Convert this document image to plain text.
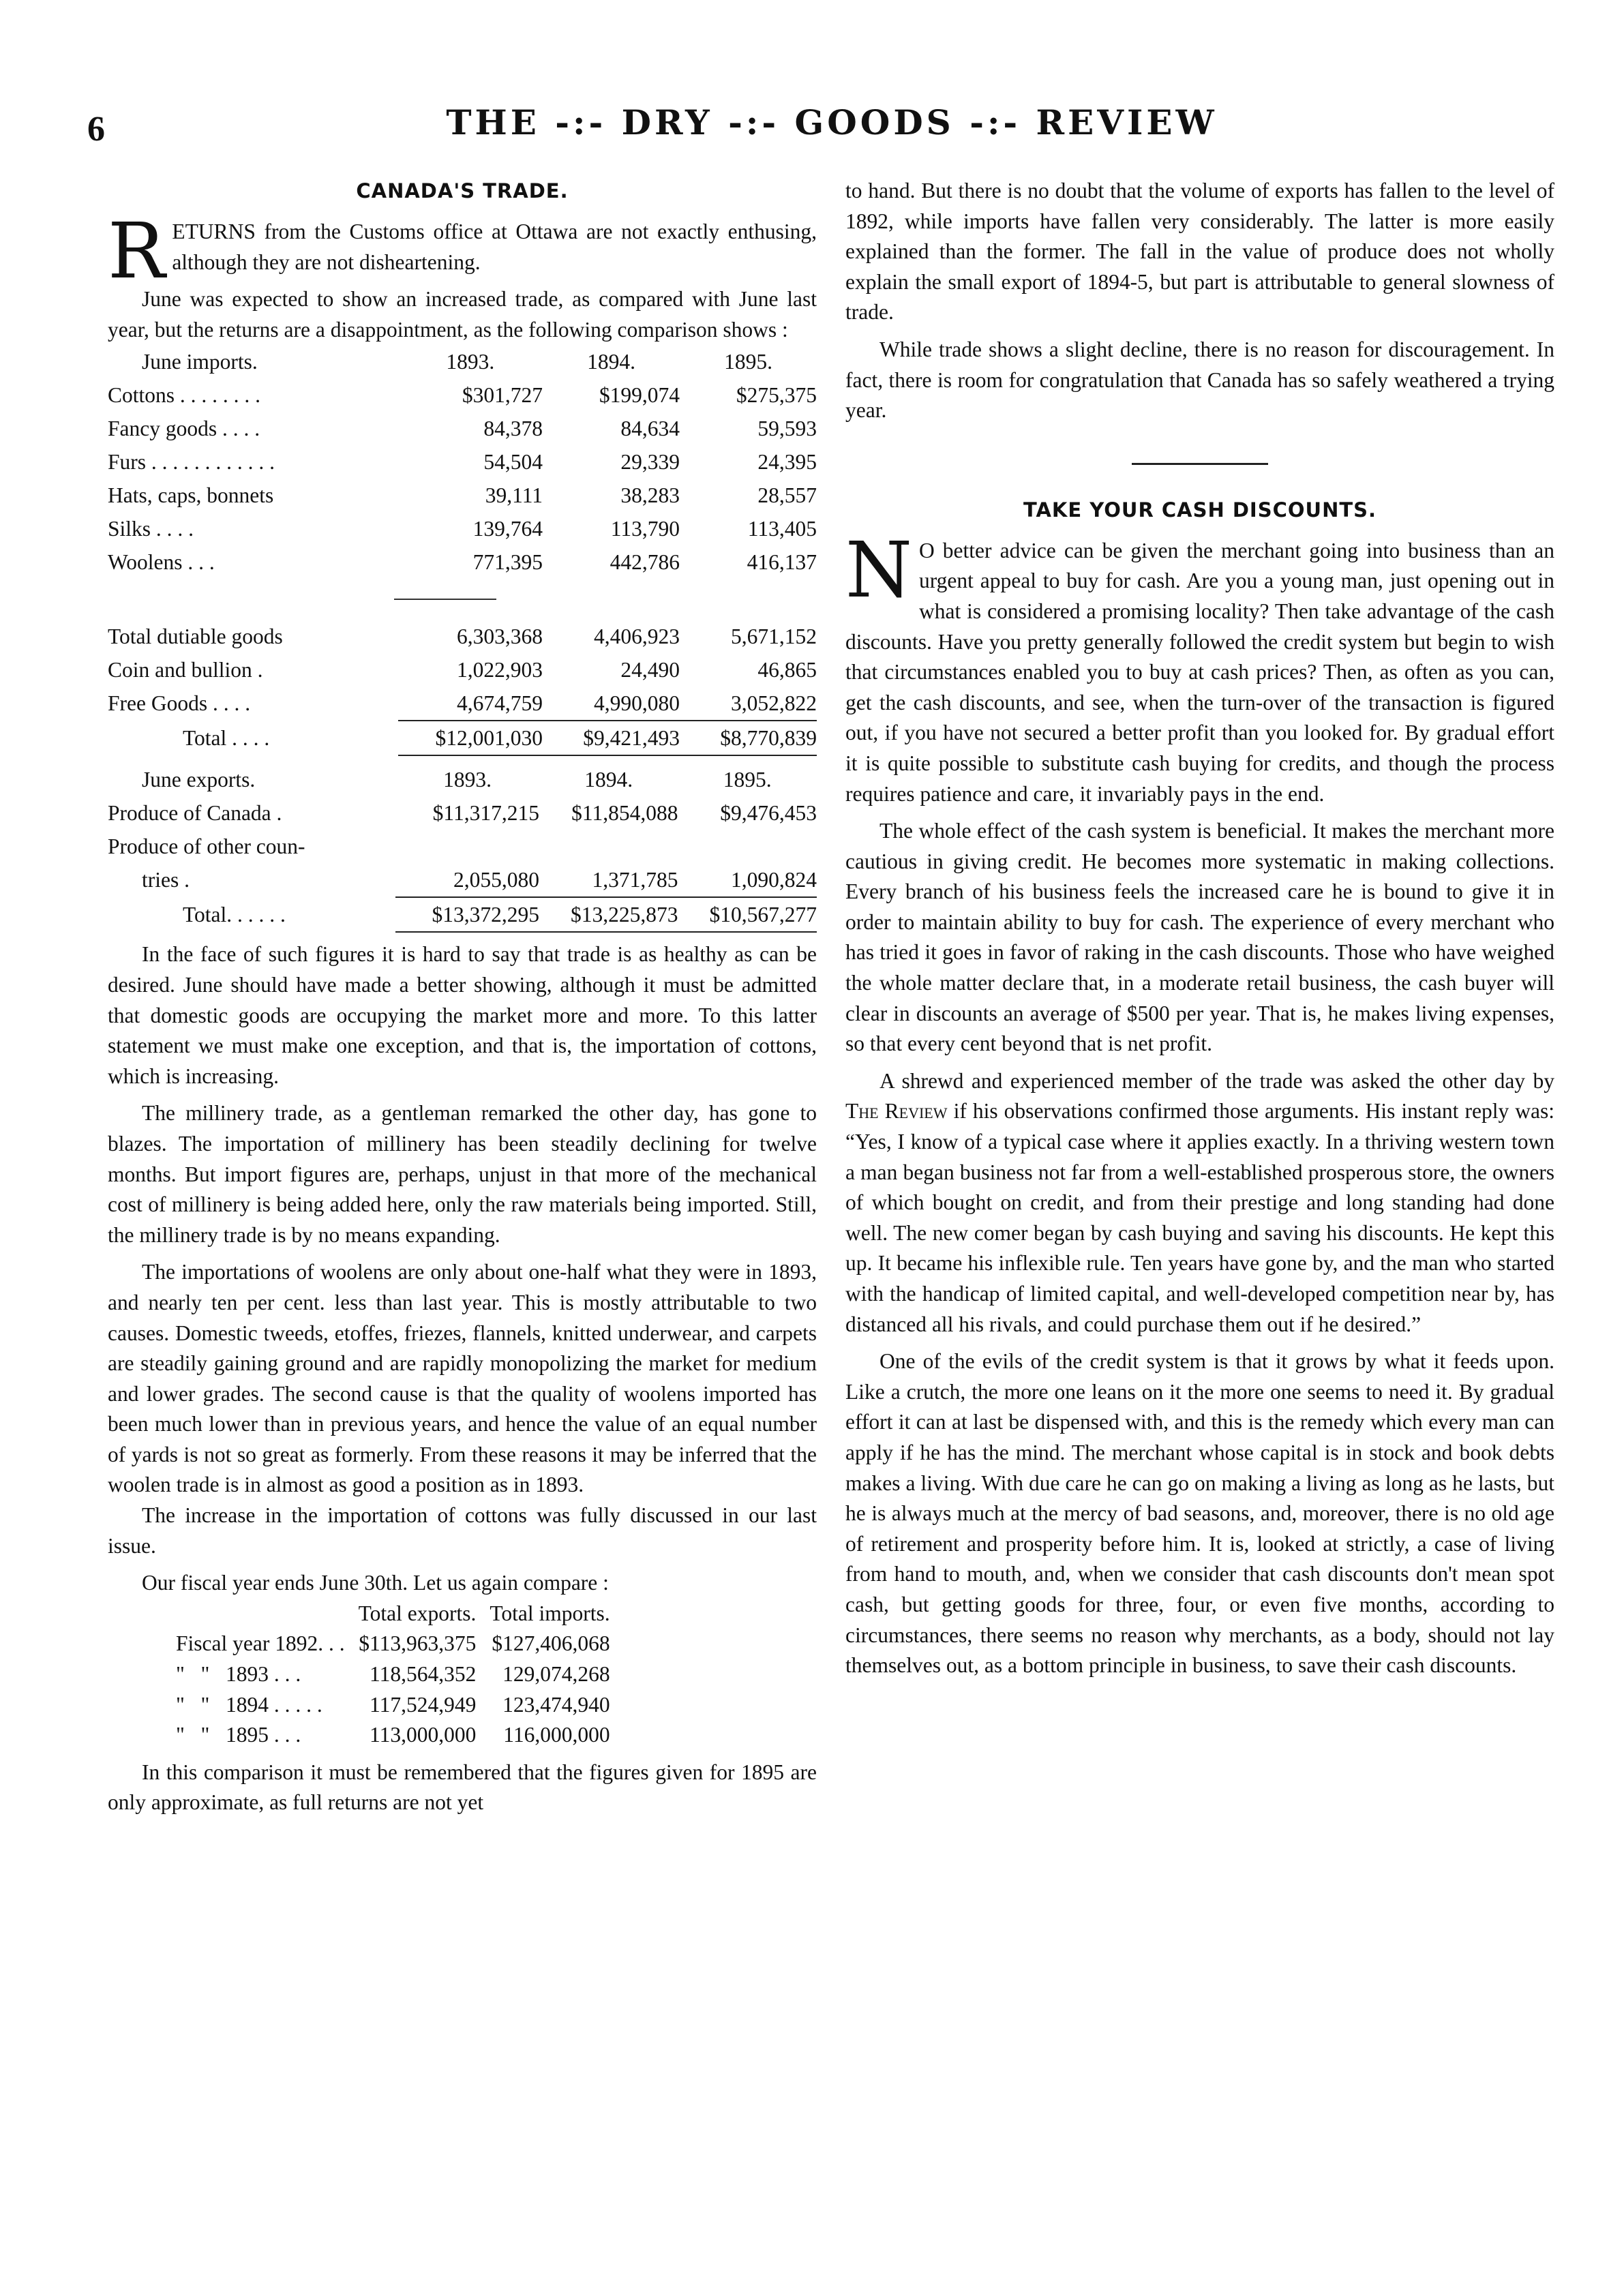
6	THE -:- DRY -:- GOODS -:- REVIEW
CANADA'S TRADE.

RETURNS from the Customs office at Ottawa are not exactly enthusing, although they are not disheartening.

June was expected to show an increased trade, as compared with June last year, but the returns are a disappointment, as the following comparison shows :

June imports.	1893.	1894.	1895.
Cottons . . . . . . . .	$301,727	$199,074	$275,375
Fancy goods . . . .	84,378	84,634	59,593
Furs . . . . . . . . . . . .	54,504	29,339	24,395
Hats, caps, bonnets	39,111	38,283	28,557
Silks . . . .	139,764	113,790	113,405
Woolens . . .	771,395	442,786	416,137

Total dutiable goods	6,303,368	4,406,923	5,671,152
Coin and bullion .	1,022,903	24,490	46,865
Free Goods . . . .	4,674,759	4,990,080	3,052,822
Total . . . .	$12,001,030	$9,421,493	$8,770,839
June exports.	1893.	1894.	1895.
Produce of Canada .	$11,317,215	$11,854,088	$9,476,453
Produce of other coun-			
tries .	2,055,080	1,371,785	1,090,824
Total. . . . . .	$13,372,295	$13,225,873	$10,567,277

In the face of such figures it is hard to say that trade is as healthy as can be desired. June should have made a better showing, although it must be admitted that domestic goods are occupying the market more and more. To this latter statement we must make one exception, and that is, the importation of cottons, which is increasing.

The millinery trade, as a gentleman remarked the other day, has gone to blazes. The importation of millinery has been steadily declining for twelve months. But import figures are, perhaps, unjust in that more of the mechanical cost of millinery is being added here, only the raw materials being imported. Still, the millinery trade is by no means expanding.

The importations of woolens are only about one-half what they were in 1893, and nearly ten per cent. less than last year. This is mostly attributable to two causes. Domestic tweeds, etoffes, friezes, flannels, knitted underwear, and carpets are steadily gaining ground and are rapidly monopolizing the market for medium and lower grades. The second cause is that the quality of woolens imported has been much lower than in previous years, and hence the value of an equal number of yards is not so great as formerly. From these reasons it may be inferred that the woolen trade is in almost as good a position as in 1893.

The increase in the importation of cottons was fully discussed in our last issue.

Our fiscal year ends June 30th. Let us again compare :

	Total exports.	Total imports.
Fiscal year 1892. . .	$113,963,375	$127,406,068
"   "   1893 . . .	118,564,352	129,074,268
"   "   1894 . . . . .	117,524,949	123,474,940
"   "   1895 . . .	113,000,000	116,000,000

In this comparison it must be remembered that the figures given for 1895 are only approximate, as full returns are not yet

to hand. But there is no doubt that the volume of exports has fallen to the level of 1892, while imports have fallen very considerably. The latter is more easily explained than the former. The fall in the value of produce does not wholly explain the small export of 1894-5, but part is attributable to general slowness of trade.

While trade shows a slight decline, there is no reason for discouragement. In fact, there is room for congratulation that Canada has so safely weathered a trying year.

TAKE YOUR CASH DISCOUNTS.

N O better advice can be given the merchant going into business than an urgent appeal to buy for cash. Are you a young man, just opening out in what is considered a promising locality? Then take advantage of the cash discounts. Have you pretty generally followed the credit system but begin to wish that circumstances enabled you to buy at cash prices? Then, as often as you can, get the cash discounts, and see, when the turn-over of the transaction is figured out, if you have not secured a better profit than you looked for. By gradual effort it is quite possible to substitute cash buying for credits, and though the process requires patience and care, it invariably pays in the end.

The whole effect of the cash system is beneficial. It makes the merchant more cautious in giving credit. He becomes more systematic in making collections. Every branch of his business feels the increased care he is bound to give it in order to maintain ability to buy for cash. The experience of every merchant who has tried it goes in favor of raking in the cash discounts. Those who have weighed the whole matter declare that, in a moderate retail business, the cash buyer will clear in discounts an average of $500 per year. That is, he makes living expenses, so that every cent beyond that is net profit.

A shrewd and experienced member of the trade was asked the other day by The Review if his observations confirmed those arguments. His instant reply was: “Yes, I know of a typical case where it applies exactly. In a thriving western town a man began business not far from a well-established prosperous store, the owners of which bought on credit, and from their prestige and long standing had done well. The new comer began by cash buying and saving his discounts. He kept this up. It became his inflexible rule. Ten years have gone by, and the man who started with the handicap of limited capital, and well-developed competition near by, has distanced all his rivals, and could purchase them out if he desired.”

One of the evils of the credit system is that it grows by what it feeds upon. Like a crutch, the more one leans on it the more one seems to need it. By gradual effort it can at last be dispensed with, and this is the remedy which every man can apply if he has the mind. The merchant whose capital is in stock and book debts makes a living. With due care he can go on making a living as long as he lasts, but he is always much at the mercy of bad seasons, and, moreover, there is no old age of retirement and prosperity before him. It is, looked at strictly, a case of living from hand to mouth, and, when we consider that cash discounts don't mean spot cash, but getting goods for three, four, or even five months, according to circumstances, there seems no reason why merchants, as a body, should not lay themselves out, as a bottom principle in business, to save their cash discounts.
